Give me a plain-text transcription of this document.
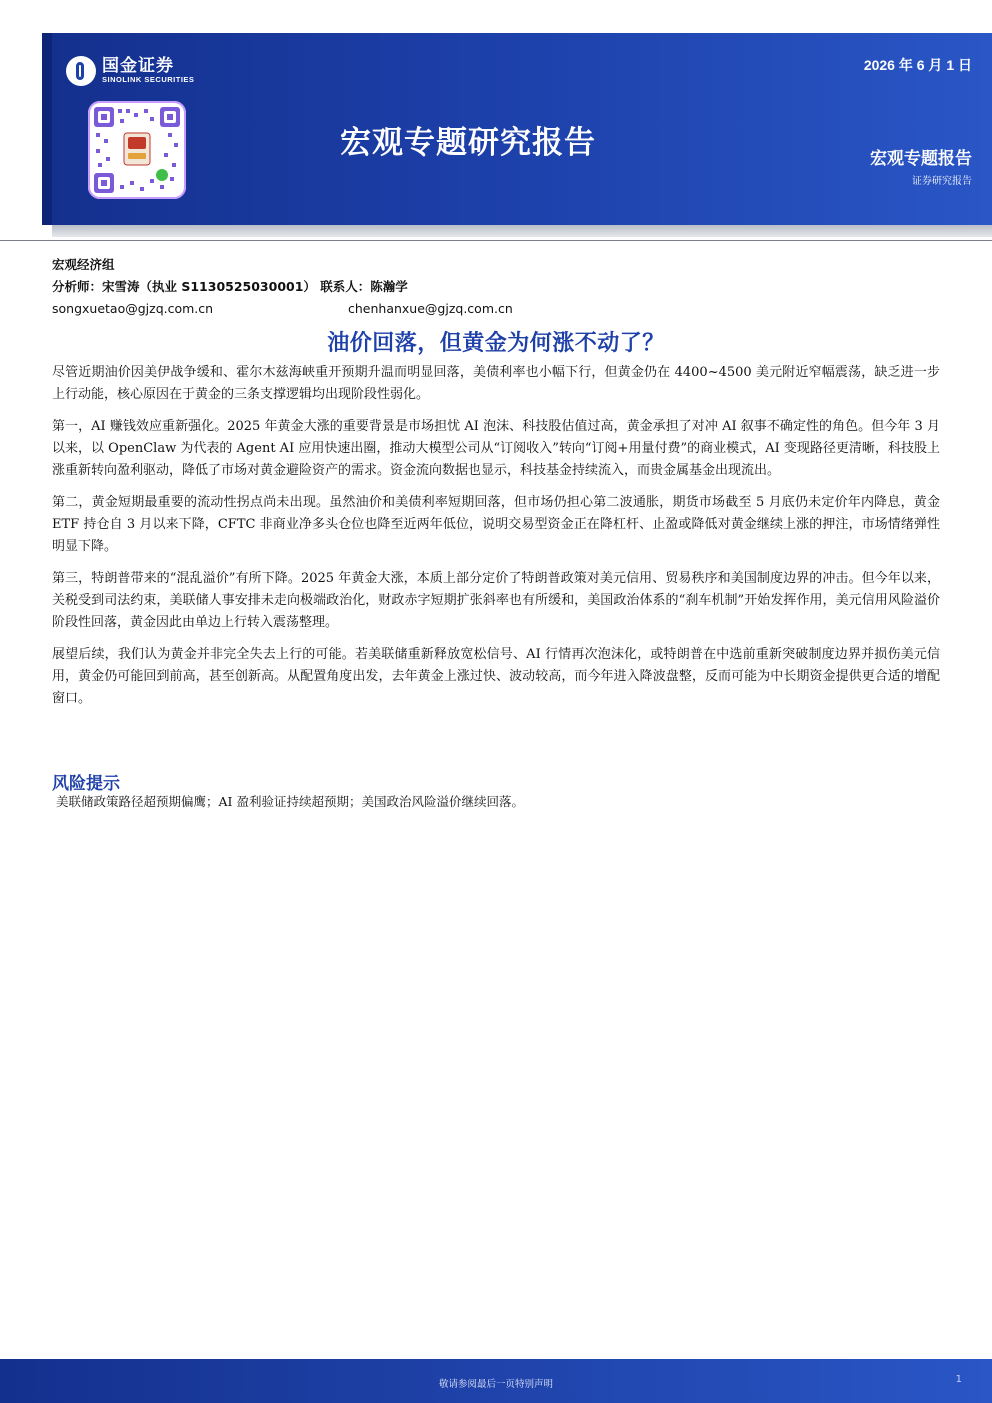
国金证券
SINOLINK SECURITIES
宏观专题研究报告
2026 年 6 月 1 日
宏观专题报告
证券研究报告
宏观经济组
分析师：宋雪涛（执业 S1130525030001） 联系人：陈瀚学
songxuetao@gjzq.com.cn	chenhanxue@gjzq.com.cn
油价回落，但黄金为何涨不动了？

尽管近期油价因美伊战争缓和、霍尔木兹海峡重开预期升温而明显回落，美债利率也小幅下行，但黄金仍在 4400~4500 美元附近窄幅震荡，缺乏进一步上行动能，核心原因在于黄金的三条支撑逻辑均出现阶段性弱化。

第一，AI 赚钱效应重新强化。2025 年黄金大涨的重要背景是市场担忧 AI 泡沫、科技股估值过高，黄金承担了对冲 AI 叙事不确定性的角色。但今年 3 月以来，以 OpenClaw 为代表的 Agent AI 应用快速出圈，推动大模型公司从“订阅收入”转向“订阅+用量付费”的商业模式，AI 变现路径更清晰，科技股上涨重新转向盈利驱动，降低了市场对黄金避险资产的需求。资金流向数据也显示，科技基金持续流入，而贵金属基金出现流出。

第二，黄金短期最重要的流动性拐点尚未出现。虽然油价和美债利率短期回落，但市场仍担心第二波通胀，期货市场截至 5 月底仍未定价年内降息，黄金 ETF 持仓自 3 月以来下降，CFTC 非商业净多头仓位也降至近两年低位，说明交易型资金正在降杠杆、止盈或降低对黄金继续上涨的押注，市场情绪弹性明显下降。

第三，特朗普带来的“混乱溢价”有所下降。2025 年黄金大涨，本质上部分定价了特朗普政策对美元信用、贸易秩序和美国制度边界的冲击。但今年以来，关税受到司法约束，美联储人事安排未走向极端政治化，财政赤字短期扩张斜率也有所缓和，美国政治体系的“刹车机制”开始发挥作用，美元信用风险溢价阶段性回落，黄金因此由单边上行转入震荡整理。

展望后续，我们认为黄金并非完全失去上行的可能。若美联储重新释放宽松信号、AI 行情再次泡沫化，或特朗普在中选前重新突破制度边界并损伤美元信用，黄金仍可能回到前高，甚至创新高。从配置角度出发，去年黄金上涨过快、波动较高，而今年进入降波盘整，反而可能为中长期资金提供更合适的增配窗口。

风险提示
美联储政策路径超预期偏鹰；AI 盈利验证持续超预期；美国政治风险溢价继续回落。
敬请参阅最后一页特别声明	1
